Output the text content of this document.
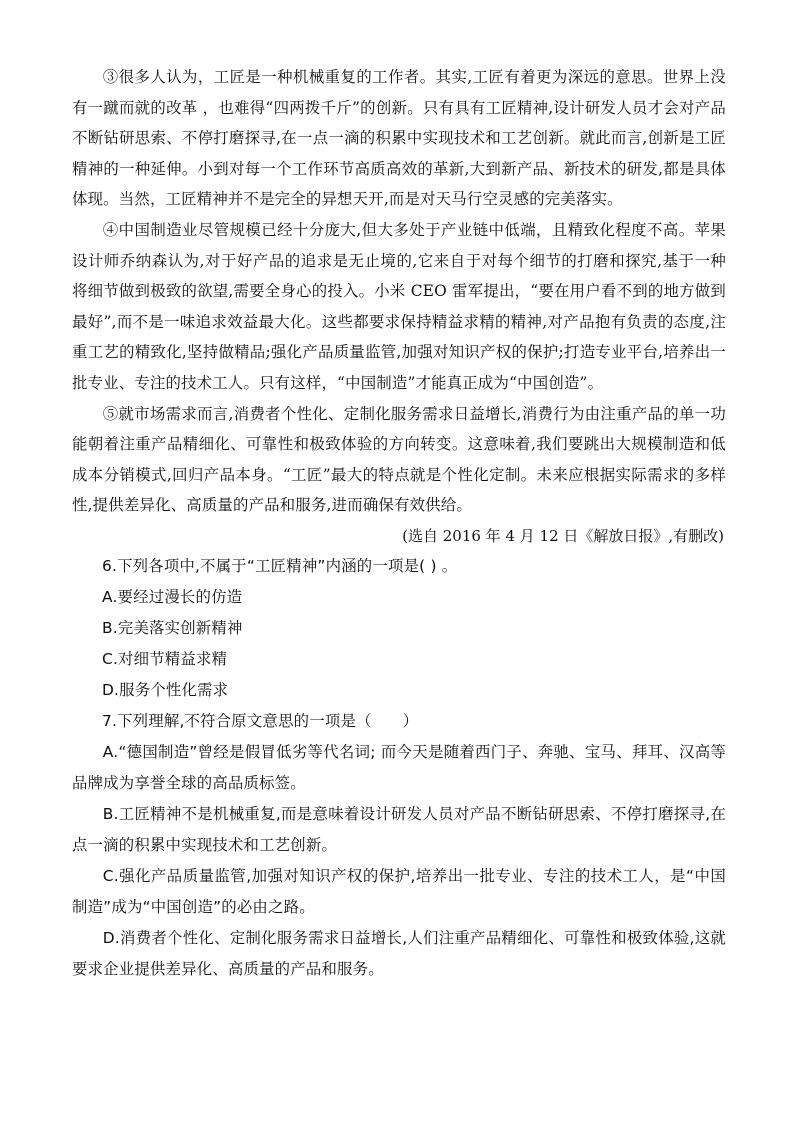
③很多人认为，工匠是一种机械重复的工作者。其实,工匠有着更为深远的意思。世界上没有一蹴而就的改革 ，也难得“四两拨千斤”的创新。只有具有工匠精神,设计研发人员才会对产品不断钻研思索、不停打磨探寻,在一点一滴的积累中实现技术和工艺创新。就此而言,创新是工匠精神的一种延伸。小到对每一个工作环节高质高效的革新,大到新产品、新技术的研发,都是具体体现。当然，工匠精神并不是完全的异想天开,而是对天马行空灵感的完美落实。

④中国制造业尽管规模已经十分庞大,但大多处于产业链中低端，且精致化程度不高。苹果设计师乔纳森认为,对于好产品的追求是无止境的,它来自于对每个细节的打磨和探究,基于一种将细节做到极致的欲望,需要全身心的投入。小米 CEO 雷军提出，“要在用户看不到的地方做到最好”,而不是一味追求效益最大化。这些都要求保持精益求精的精神,对产品抱有负责的态度,注重工艺的精致化,坚持做精品;强化产品质量监管,加强对知识产权的保护;打造专业平台,培养出一批专业、专注的技术工人。只有这样，“中国制造”才能真正成为“中国创造”。

⑤就市场需求而言,消费者个性化、定制化服务需求日益增长,消费行为由注重产品的单一功能朝着注重产品精细化、可靠性和极致体验的方向转变。这意味着,我们要跳出大规模制造和低成本分销模式,回归产品本身。“工匠”最大的特点就是个性化定制。未来应根据实际需求的多样性,提供差异化、高质量的产品和服务,进而确保有效供给。

(选自 2016 年 4 月 12 日《解放日报》,有删改)

6.下列各项中,不属于“工匠精神”内涵的一项是( ) 。

A.要经过漫长的仿造

B.完美落实创新精神

C.对细节精益求精

D.服务个性化需求

7.下列理解,不符合原文意思的一项是（　　）

A.“德国制造”曾经是假冒低劣等代名词; 而今天是随着西门子、奔驰、宝马、拜耳、汉高等品牌成为享誉全球的高品质标签。

B.工匠精神不是机械重复,而是意味着设计研发人员对产品不断钻研思索、不停打磨探寻,在点一滴的积累中实现技术和工艺创新。

C.强化产品质量监管,加强对知识产权的保护,培养出一批专业、专注的技术工人，是“中国制造”成为“中国创造”的必由之路。

D.消费者个性化、定制化服务需求日益增长,人们注重产品精细化、可靠性和极致体验,这就要求企业提供差异化、高质量的产品和服务。
